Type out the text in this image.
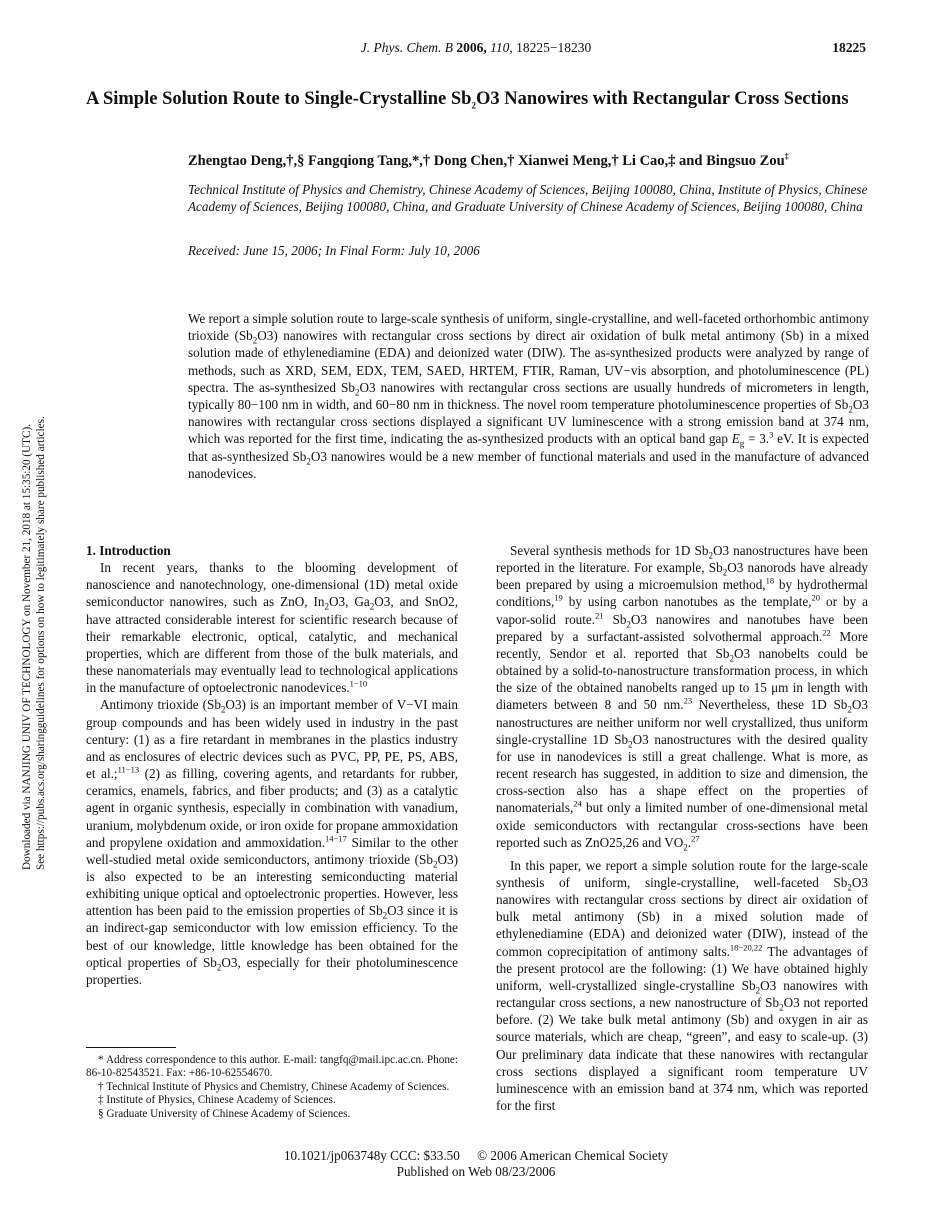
J. Phys. Chem. B 2006, 110, 18225−18230	18225
A Simple Solution Route to Single-Crystalline $Sb_2O3$ Nanowires with Rectangular Cross Sections
Zhengtao Deng,†,§ Fangqiong Tang,*,† Dong Chen,† Xianwei Meng,† Li Cao,‡ and Bingsuo Zou‡
Technical Institute of Physics and Chemistry, Chinese Academy of Sciences, Beijing 100080, China, Institute of Physics, Chinese Academy of Sciences, Beijing 100080, China, and Graduate University of Chinese Academy of Sciences, Beijing 100080, China
Received: June 15, 2006; In Final Form: July 10, 2006
We report a simple solution route to large-scale synthesis of uniform, single-crystalline, and well-faceted orthorhombic antimony trioxide $(Sb_2O3)$ nanowires with rectangular cross sections by direct air oxidation of bulk metal antimony (Sb) in a mixed solution made of ethylenediamine (EDA) and deionized water (DIW). The as-synthesized products were analyzed by range of methods, such as XRD, SEM, EDX, TEM, SAED, HRTEM, FTIR, Raman, UV−vis absorption, and photoluminescence (PL) spectra. The as-synthesized $Sb_2O3$ nanowires with rectangular cross sections are usually hundreds of micrometers in length, typically 80−100 nm in width, and 60−80 nm in thickness. The novel room temperature photoluminescence properties of $Sb_2O3$ nanowires with rectangular cross sections displayed a significant UV luminescence with a strong emission band at 374 nm, which was reported for the first time, indicating the as-synthesized products with an optical band gap $E_g = 3.^3$ eV. It is expected that as-synthesized $Sb_2O3$ nanowires would be a new member of functional materials and used in the manufacture of advanced nanodevices.
Downloaded via NANJING UNIV OF TECHNOLOGY on November 21, 2018 at 15:35:20 (UTC). See https://pubs.acs.org/sharingguidelines for options on how to legitimately share published articles.	1. Introduction

In recent years, thanks to the blooming development of nanoscience and nanotechnology, one-dimensional (1D) metal oxide semiconductor nanowires, such as ZnO, $In_2O3$, $Ga_2O3$, and SnO2, have attracted considerable interest for scientific research because of their remarkable electronic, optical, catalytic, and mechanical properties, which are different from those of the bulk materials, and these nanomaterials may eventually lead to technological applications in the manufacture of optoelectronic nanodevices.$^{1-10}$

Antimony trioxide $(Sb_2O3)$ is an important member of V−VI main group compounds and has been widely used in industry in the past century: (1) as a fire retardant in membranes in the plastics industry and as enclosures of electric devices such as PVC, PP, PE, PS, ABS, et al.;$^{11-13}$ (2) as filling, covering agents, and retardants for rubber, ceramics, enamels, fabrics, and fiber products; and (3) as a catalytic agent in organic synthesis, especially in combination with vanadium, uranium, molybdenum oxide, or iron oxide for propane ammoxidation and propylene oxidation and ammoxidation.$^{14-17}$ Similar to the other well-studied metal oxide semiconductors, antimony trioxide $(Sb_2O3)$ is also expected to be an interesting semiconducting material exhibiting unique optical and optoelectronic properties. However, less attention has been paid to the emission properties of $Sb_2O3$ since it is an indirect-gap semiconductor with low emission efficiency. To the best of our knowledge, little knowledge has been obtained for the optical properties of $Sb_2O3$, especially for their photoluminescence properties.

Several synthesis methods for 1D $Sb_2O3$ nanostructures have been reported in the literature. For example, $Sb_2O3$ nanorods have already been prepared by using a microemulsion method,$^{18}$ by hydrothermal conditions,$^{19}$ by using carbon nanotubes as the template,$^{20}$ or by a vapor-solid route.$^{21}$ $Sb_2O3$ nanowires and nanotubes have been prepared by a surfactant-assisted solvothermal approach.$^{22}$ More recently, Sendor et al. reported that $Sb_2O3$ nanobelts could be obtained by a solid-to-nanostructure transformation process, in which the size of the obtained nanobelts ranged up to 15 μm in length with diameters between 8 and 50 nm.$^{23}$ Nevertheless, these 1D $Sb_2O3$ nanostructures are neither uniform nor well crystallized, thus uniform single-crystalline 1D $Sb_2O3$ nanostructures with the desired quality for use in nanodevices is still a great challenge. What is more, as recent research has suggested, in addition to size and dimension, the cross-section also has a shape effect on the properties of nanomaterials,$^{24}$ but only a limited number of one-dimensional metal oxide semiconductors with rectangular cross-sections have been reported such as ZnO25,26 and $VO_2.^{27}$

In this paper, we report a simple solution route for the large-scale synthesis of uniform, single-crystalline, well-faceted $Sb_2O3$ nanowires with rectangular cross sections by direct air oxidation of bulk metal antimony (Sb) in a mixed solution made of ethylenediamine (EDA) and deionized water (DIW), instead of the common coprecipitation of antimony salts.$^{18-20,22}$ The advantages of the present protocol are the following: (1) We have obtained highly uniform, well-crystallized single-crystalline $Sb_2O3$ nanowires with rectangular cross sections, a new nanostructure of $Sb_2O3$ not reported before. (2) We take bulk metal antimony (Sb) and oxygen in air as source materials, which are cheap, “green”, and easy to scale-up. (3) Our preliminary data indicate that these nanowires with rectangular cross sections displayed a significant room temperature UV luminescence with an emission band at 374 nm, which was reported for the first

* Address correspondence to this author. E-mail: tangfq@mail.ipc.ac.cn. Phone: 86-10-82543521. Fax: +86-10-62554670.
† Technical Institute of Physics and Chemistry, Chinese Academy of Sciences.
‡ Institute of Physics, Chinese Academy of Sciences.
§ Graduate University of Chinese Academy of Sciences.
10.1021/jp063748y CCC: $33.50 © 2006 American Chemical Society
Published on Web 08/23/2006
